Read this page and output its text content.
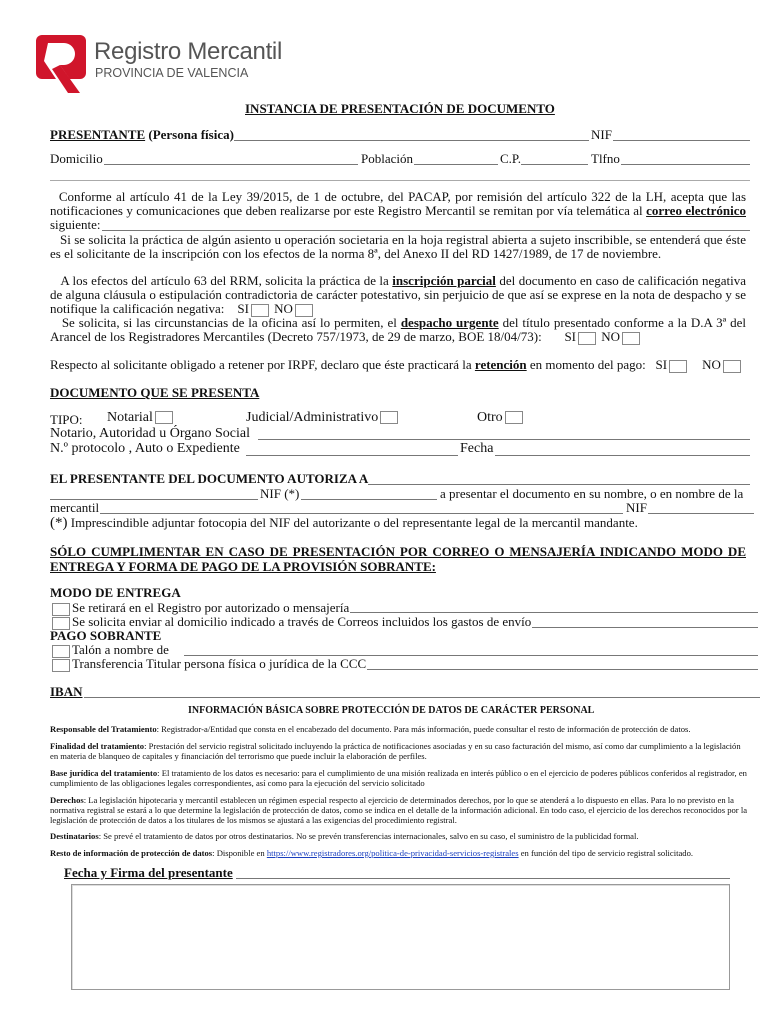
Registro Mercantil
PROVINCIA DE VALENCIA
INSTANCIA DE PRESENTACIÓN DE DOCUMENTO
PRESENTANTE (Persona física)	NIF
Domicilio	Población	C.P.	Tlfno
Conforme al artículo 41 de la Ley 39/2015, de 1 de octubre, del PACAP, por remisión del artículo 322 de la LH, acepta que las notificaciones y comunicaciones que deben realizarse por este Registro Mercantil se remitan por vía telemática al correo electrónico siguiente:
Si se solicita la práctica de algún asiento u operación societaria en la hoja registral abierta a sujeto inscribible, se entenderá que éste es el solicitante de la inscripción con los efectos de la norma 8ª, del Anexo II del RD 1427/1989, de 17 de noviembre.
A los efectos del artículo 63 del RRM, solicita la práctica de la inscripción parcial del documento en caso de calificación negativa de alguna cláusula o estipulación contradictoria de carácter potestativo, sin perjuicio de que así se exprese en la nota de despacho y se notifique la calificación negativa: SI NO
Se solicita, si las circunstancias de la oficina así lo permiten, el despacho urgente del título presentado conforme a la D.A 3ª del Arancel de los Registradores Mercantiles (Decreto 757/1973, de 29 de marzo, BOE 18/04/73): SI NO
Respecto al solicitante obligado a retener por IRPF, declaro que éste practicará la retención en momento del pago: SI	NO
DOCUMENTO QUE SE PRESENTA
TIPO: Notarial	Judicial/Administrativo	Otro
Notario, Autoridad u Órgano Social
N.º protocolo , Auto o Expediente	Fecha
EL PRESENTANTE DEL DOCUMENTO AUTORIZA A
NIF (*)	a presentar el documento en su nombre, o en nombre de la
mercantil	NIF
(*) Imprescindible adjuntar fotocopia del NIF del autorizante o del representante legal de la mercantil mandante.
SÓLO CUMPLIMENTAR EN CASO DE PRESENTACIÓN POR CORREO O MENSAJERÍA INDICANDO MODO DE ENTREGA Y FORMA DE PAGO DE LA PROVISIÓN SOBRANTE:
MODO DE ENTREGA
Se retirará en el Registro por autorizado o mensajería
Se solicita enviar al domicilio indicado a través de Correos incluidos los gastos de envío
PAGO SOBRANTE
Talón a nombre de
Transferencia Titular persona física o jurídica de la CCC
IBAN
INFORMACIÓN BÁSICA SOBRE PROTECCIÓN DE DATOS DE CARÁCTER PERSONAL
Responsable del Tratamiento: Registrador-a/Entidad que consta en el encabezado del documento. Para más información, puede consultar el resto de información de protección de datos.
Finalidad del tratamiento: Prestación del servicio registral solicitado incluyendo la práctica de notificaciones asociadas y en su caso facturación del mismo, así como dar cumplimiento a la legislación en materia de blanqueo de capitales y financiación del terrorismo que puede incluir la elaboración de perfiles.
Base jurídica del tratamiento: El tratamiento de los datos es necesario: para el cumplimiento de una misión realizada en interés público o en el ejercicio de poderes públicos conferidos al registrador, en cumplimiento de las obligaciones legales correspondientes, así como para la ejecución del servicio solicitado
Derechos: La legislación hipotecaria y mercantil establecen un régimen especial respecto al ejercicio de determinados derechos, por lo que se atenderá a lo dispuesto en ellas. Para lo no previsto en la normativa registral se estará a lo que determine la legislación de protección de datos, como se indica en el detalle de la información adicional. En todo caso, el ejercicio de los derechos reconocidos por la legislación de protección de datos a los titulares de los mismos se ajustará a las exigencias del procedimiento registral.
Destinatarios: Se prevé el tratamiento de datos por otros destinatarios. No se prevén transferencias internacionales, salvo en su caso, el suministro de la publicidad formal.
Resto de información de protección de datos: Disponible en https://www.registradores.org/politica-de-privacidad-servicios-registrales en función del tipo de servicio registral solicitado.
Fecha y Firma del presentante
